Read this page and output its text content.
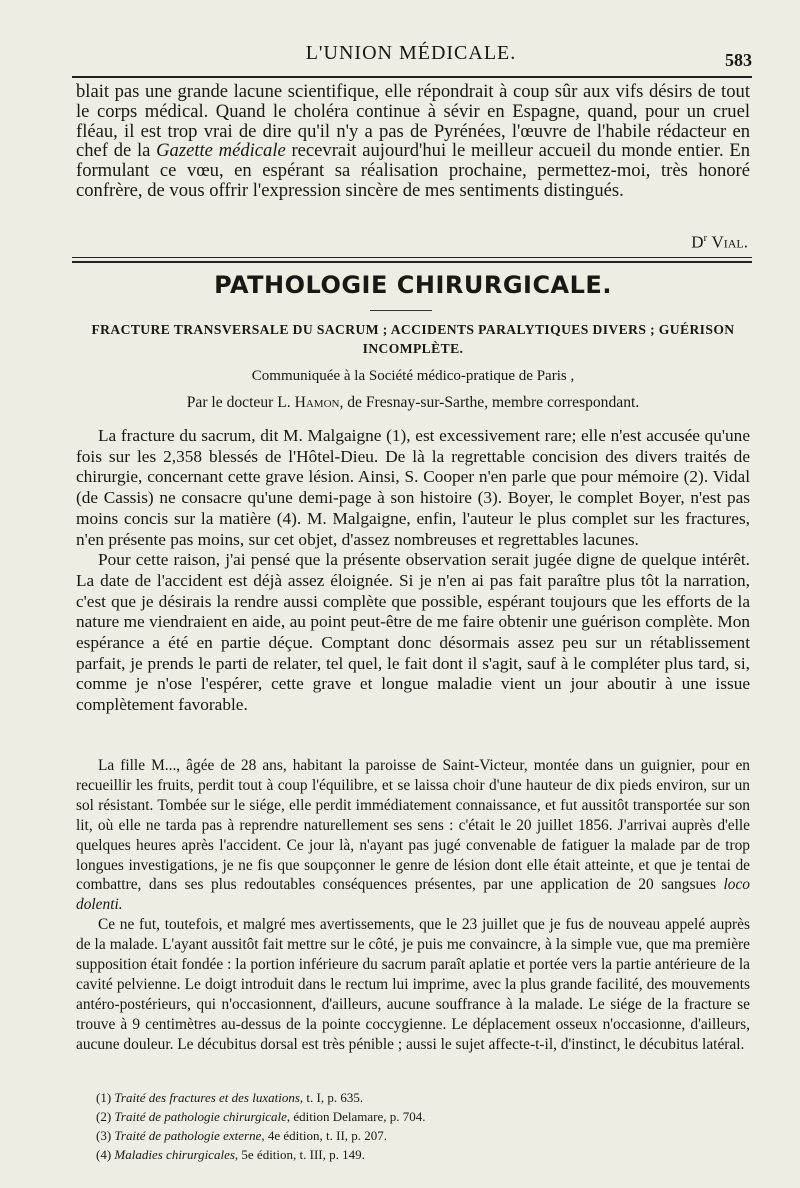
L'UNION MÉDICALE.	583
blait pas une grande lacune scientifique, elle répondrait à coup sûr aux vifs désirs de tout le corps médical. Quand le choléra continue à sévir en Espagne, quand, pour un cruel fléau, il est trop vrai de dire qu'il n'y a pas de Pyrénées, l'œuvre de l'habile rédacteur en chef de la Gazette médicale recevrait aujourd'hui le meilleur accueil du monde entier. En formulant ce vœu, en espérant sa réalisation prochaine, permettez-moi, très honoré confrère, de vous offrir l'expression sincère de mes sentiments distingués.
$D^r$ Vial.
PATHOLOGIE CHIRURGICALE.
FRACTURE TRANSVERSALE DU SACRUM ; ACCIDENTS PARALYTIQUES DIVERS ; GUÉRISON INCOMPLÈTE.
Communiquée à la Société médico-pratique de Paris ,
Par le docteur L. Hamon, de Fresnay-sur-Sarthe, membre correspondant.

La fracture du sacrum, dit M. Malgaigne (1), est excessivement rare; elle n'est accusée qu'une fois sur les 2,358 blessés de l'Hôtel-Dieu. De là la regrettable concision des divers traités de chirurgie, concernant cette grave lésion. Ainsi, S. Cooper n'en parle que pour mémoire (2). Vidal (de Cassis) ne consacre qu'une demi-page à son histoire (3). Boyer, le complet Boyer, n'est pas moins concis sur la matière (4). M. Malgaigne, enfin, l'auteur le plus complet sur les fractures, n'en présente pas moins, sur cet objet, d'assez nombreuses et regrettables lacunes.

Pour cette raison, j'ai pensé que la présente observation serait jugée digne de quelque intérêt. La date de l'accident est déjà assez éloignée. Si je n'en ai pas fait paraître plus tôt la narration, c'est que je désirais la rendre aussi complète que possible, espérant toujours que les efforts de la nature me viendraient en aide, au point peut-être de me faire obtenir une guérison complète. Mon espérance a été en partie déçue. Comptant donc désormais assez peu sur un rétablissement parfait, je prends le parti de relater, tel quel, le fait dont il s'agit, sauf à le compléter plus tard, si, comme je n'ose l'espérer, cette grave et longue maladie vient un jour aboutir à une issue complètement favorable.

La fille M..., âgée de 28 ans, habitant la paroisse de Saint-Victeur, montée dans un guignier, pour en recueillir les fruits, perdit tout à coup l'équilibre, et se laissa choir d'une hauteur de dix pieds environ, sur un sol résistant. Tombée sur le siége, elle perdit immédiatement connaissance, et fut aussitôt transportée sur son lit, où elle ne tarda pas à reprendre naturellement ses sens : c'était le 20 juillet 1856. J'arrivai auprès d'elle quelques heures après l'accident. Ce jour là, n'ayant pas jugé convenable de fatiguer la malade par de trop longues investigations, je ne fis que soupçonner le genre de lésion dont elle était atteinte, et que je tentai de combattre, dans ses plus redoutables conséquences présentes, par une application de 20 sangsues loco dolenti.

Ce ne fut, toutefois, et malgré mes avertissements, que le 23 juillet que je fus de nouveau appelé auprès de la malade. L'ayant aussitôt fait mettre sur le côté, je puis me convaincre, à la simple vue, que ma première supposition était fondée : la portion inférieure du sacrum paraît aplatie et portée vers la partie antérieure de la cavité pelvienne. Le doigt introduit dans le rectum lui imprime, avec la plus grande facilité, des mouvements antéro-postérieurs, qui n'occasionnent, d'ailleurs, aucune souffrance à la malade. Le siége de la fracture se trouve à 9 centimètres au-dessus de la pointe coccygienne. Le déplacement osseux n'occasionne, d'ailleurs, aucune douleur. Le décubitus dorsal est très pénible ; aussi le sujet affecte-t-il, d'instinct, le décubitus latéral.

(1) Traité des fractures et des luxations, t. I, p. 635.
(2) Traité de pathologie chirurgicale, édition Delamare, p. 704.
(3) Traité de pathologie externe, 4e édition, t. II, p. 207.
(4) Maladies chirurgicales, 5e édition, t. III, p. 149.
